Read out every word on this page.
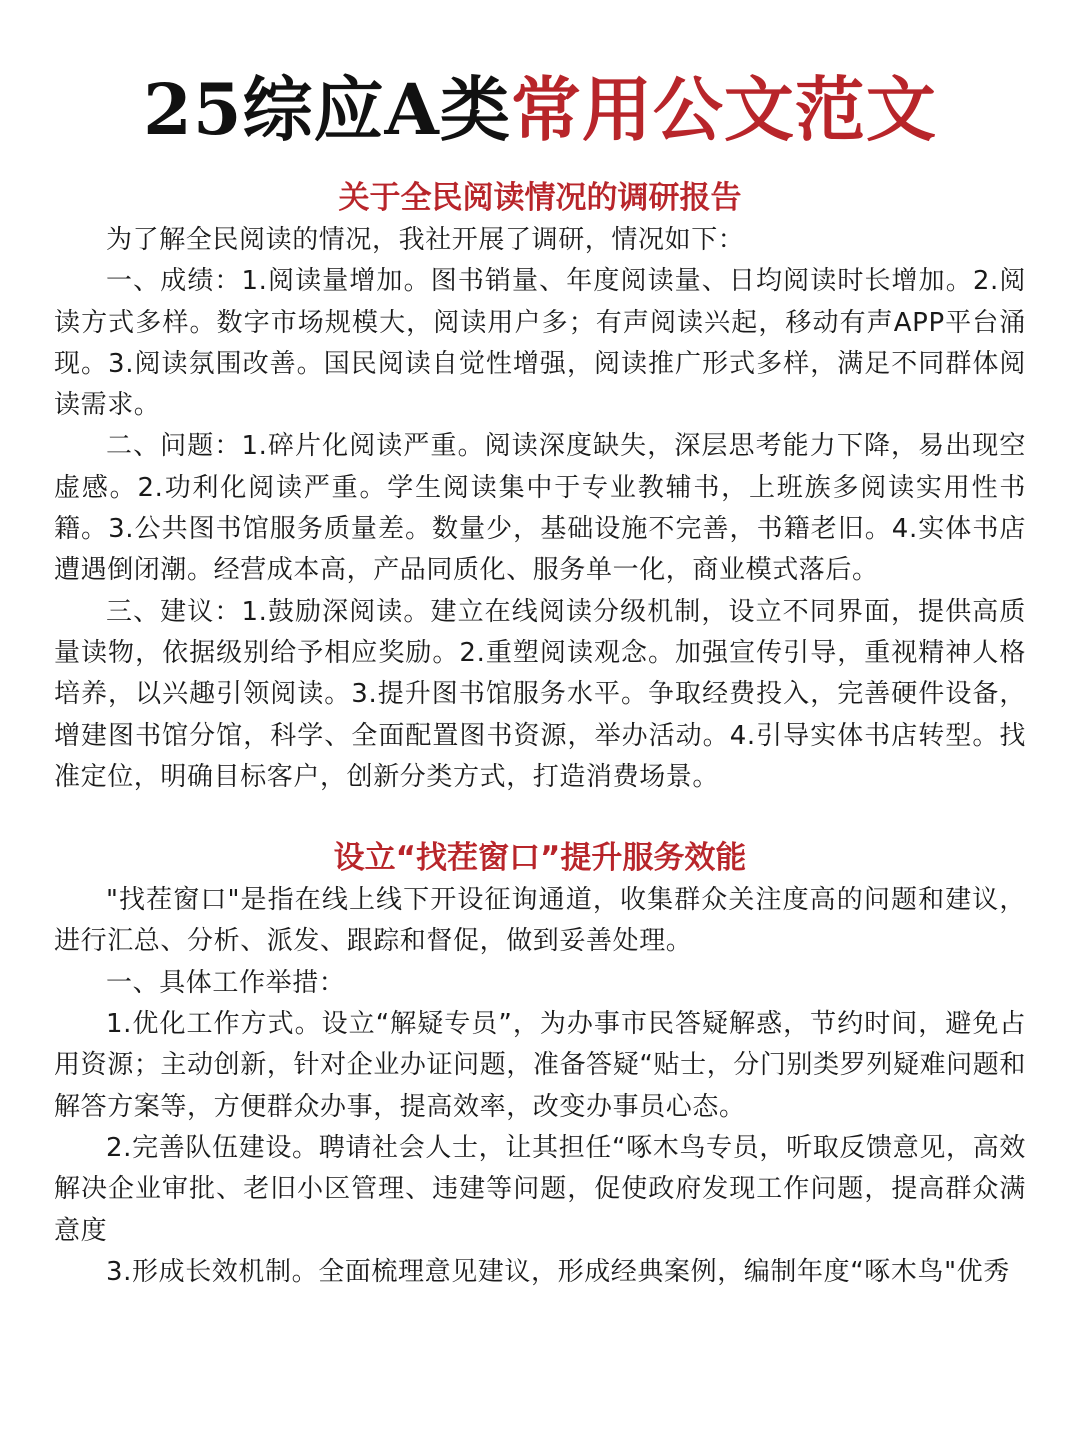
25综应A类常用公文范文
关于全民阅读情况的调研报告

为了解全民阅读的情况，我社开展了调研，情况如下：

一、成绩：1.阅读量增加。图书销量、年度阅读量、日均阅读时长增加。2.阅读方式多样。数字市场规模大，阅读用户多；有声阅读兴起，移动有声APP平台涌现。3.阅读氛围改善。国民阅读自觉性增强，阅读推广形式多样，满足不同群体阅读需求。

二、问题：1.碎片化阅读严重。阅读深度缺失，深层思考能力下降，易出现空虚感。2.功利化阅读严重。学生阅读集中于专业教辅书，上班族多阅读实用性书籍。3.公共图书馆服务质量差。数量少，基础设施不完善，书籍老旧。4.实体书店遭遇倒闭潮。经营成本高，产品同质化、服务单一化，商业模式落后。

三、建议：1.鼓励深阅读。建立在线阅读分级机制，设立不同界面，提供高质量读物，依据级别给予相应奖励。2.重塑阅读观念。加强宣传引导，重视精神人格培养，以兴趣引领阅读。3.提升图书馆服务水平。争取经费投入，完善硬件设备，增建图书馆分馆，科学、全面配置图书资源，举办活动。4.引导实体书店转型。找准定位，明确目标客户，创新分类方式，打造消费场景。

设立“找茬窗口”提升服务效能

"找茬窗口"是指在线上线下开设征询通道，收集群众关注度高的问题和建议，进行汇总、分析、派发、跟踪和督促，做到妥善处理。

一、具体工作举措：

1.优化工作方式。设立“解疑专员”，为办事市民答疑解惑，节约时间，避免占用资源；主动创新，针对企业办证问题，准备答疑“贴士，分门别类罗列疑难问题和解答方案等，方便群众办事，提高效率，改变办事员心态。

2.完善队伍建设。聘请社会人士，让其担任“啄木鸟专员，听取反馈意见，高效解决企业审批、老旧小区管理、违建等问题，促使政府发现工作问题，提高群众满意度

3.形成长效机制。全面梳理意见建议，形成经典案例，编制年度“啄木鸟"优秀
